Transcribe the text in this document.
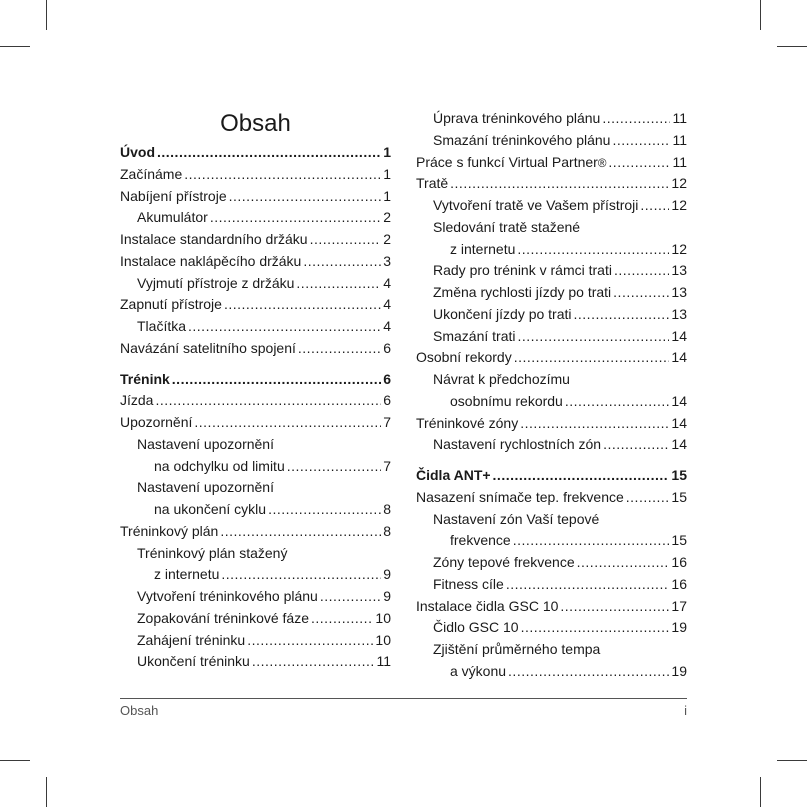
Obsah
Úvod .....	1
Začínáme .....	1
Nabíjení přístroje .....	1
Akumulátor .....	2
Instalace standardního držáku .....	2
Instalace naklápěcího držáku .....	3
Vyjmutí přístroje z držáku .....	4
Zapnutí přístroje .....	4
Tlačítka .....	4
Navázání satelitního spojení .....	6
Trénink .....	6
Jízda .....	6
Upozornění .....	7
Nastavení upozornění
na odchylku od limitu .....	7
Nastavení upozornění
na ukončení cyklu .....	8
Tréninkový plán .....	8
Tréninkový plán stažený
z internetu .....	9
Vytvoření tréninkového plánu .....	9
Zopakování tréninkové fáze .....	10
Zahájení tréninku .....	10
Ukončení tréninku .....	11
Úprava tréninkového plánu .....	11
Smazání tréninkového plánu .....	11
Práce s funkcí Virtual Partner ® .....	11
Tratě .....	12
Vytvoření tratě ve Vašem přístroji ..... 12
Sledování tratě stažené
z internetu .....	12
Rady pro trénink v rámci trati .....	13
Změna rychlosti jízdy po trati .....	13
Ukončení jízdy po trati .....	13
Smazání trati .....	14
Osobní rekordy .....	14
Návrat k předchozímu
osobnímu rekordu .....	14
Tréninkové zóny .....	14
Nastavení rychlostních zón .....	14
Čidla ANT+ .....	15
Nasazení snímače tep. frekvence .....	15
Nastavení zón Vaší tepové
frekvence .....	15
Zóny tepové frekvence .....	16
Fitness cíle .....	16
Instalace čidla GSC 10 .....	17
Čidlo GSC 10 .....	19
Zjištění průměrného tempa
a výkonu .....	19
Obsah	i
